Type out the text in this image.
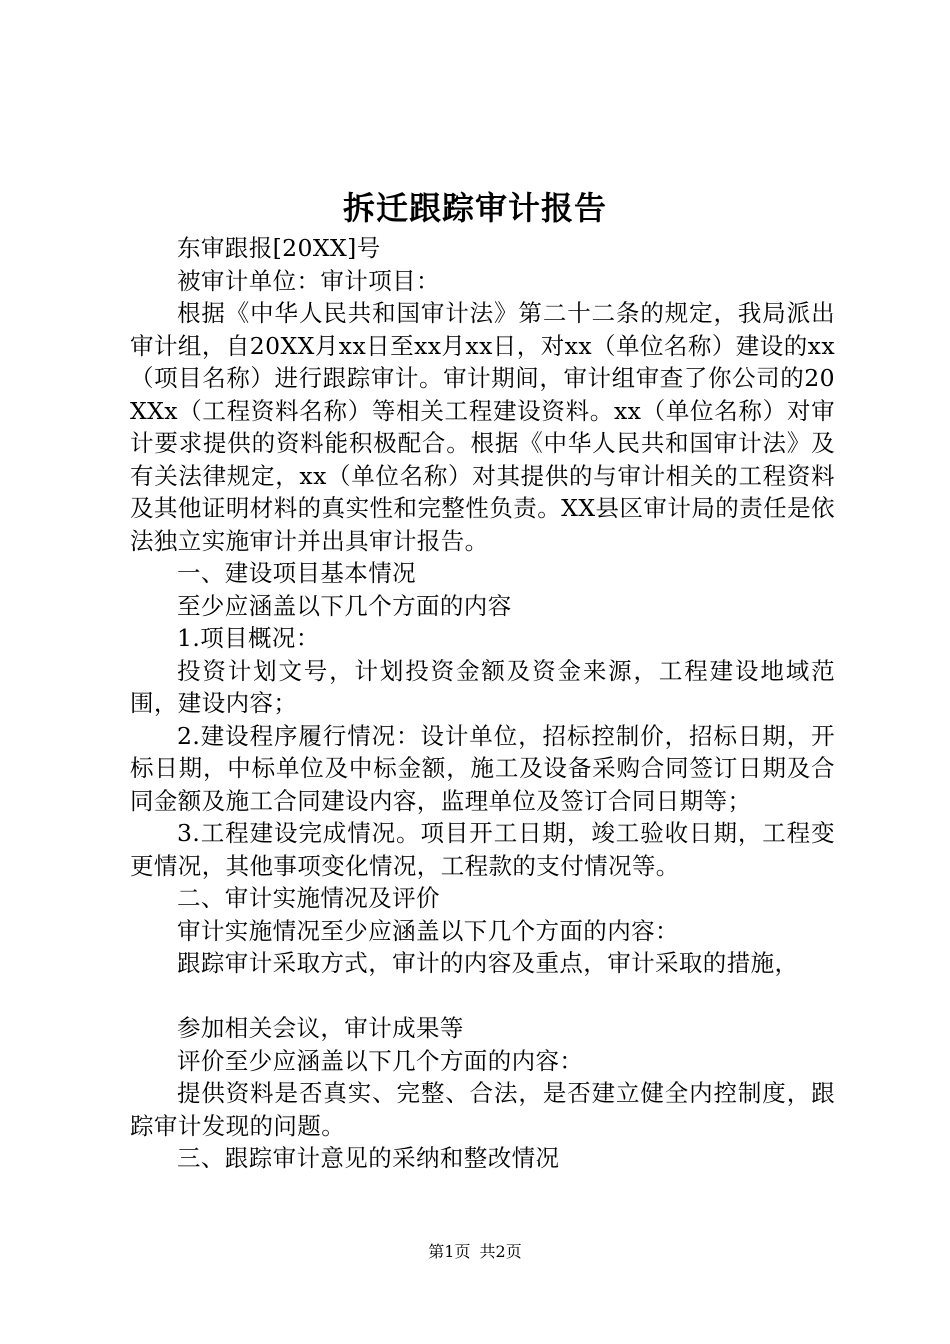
拆迁跟踪审计报告

东审跟报[20XX]号

被审计单位：审计项目：

根据《中华人民共和国审计法》第二十二条的规定，我局派出审计组，自20XX月xx日至xx月xx日，对xx（单位名称）建设的xx（项目名称）进行跟踪审计。审计期间，审计组审查了你公司的20XXx（工程资料名称）等相关工程建设资料。xx（单位名称）对审计要求提供的资料能积极配合。根据《中华人民共和国审计法》及有关法律规定，xx（单位名称）对其提供的与审计相关的工程资料及其他证明材料的真实性和完整性负责。XX县区审计局的责任是依法独立实施审计并出具审计报告。

一、建设项目基本情况

至少应涵盖以下几个方面的内容

1.项目概况：

投资计划文号，计划投资金额及资金来源，工程建设地域范围，建设内容；

2.建设程序履行情况：设计单位，招标控制价，招标日期，开标日期，中标单位及中标金额，施工及设备采购合同签订日期及合同金额及施工合同建设内容，监理单位及签订合同日期等；

3.工程建设完成情况。项目开工日期，竣工验收日期，工程变更情况，其他事项变化情况，工程款的支付情况等。

二、审计实施情况及评价

审计实施情况至少应涵盖以下几个方面的内容：

跟踪审计采取方式，审计的内容及重点，审计采取的措施，

参加相关会议，审计成果等

评价至少应涵盖以下几个方面的内容：

提供资料是否真实、完整、合法，是否建立健全内控制度，跟踪审计发现的问题。

三、跟踪审计意见的采纳和整改情况

第1页 共2页
